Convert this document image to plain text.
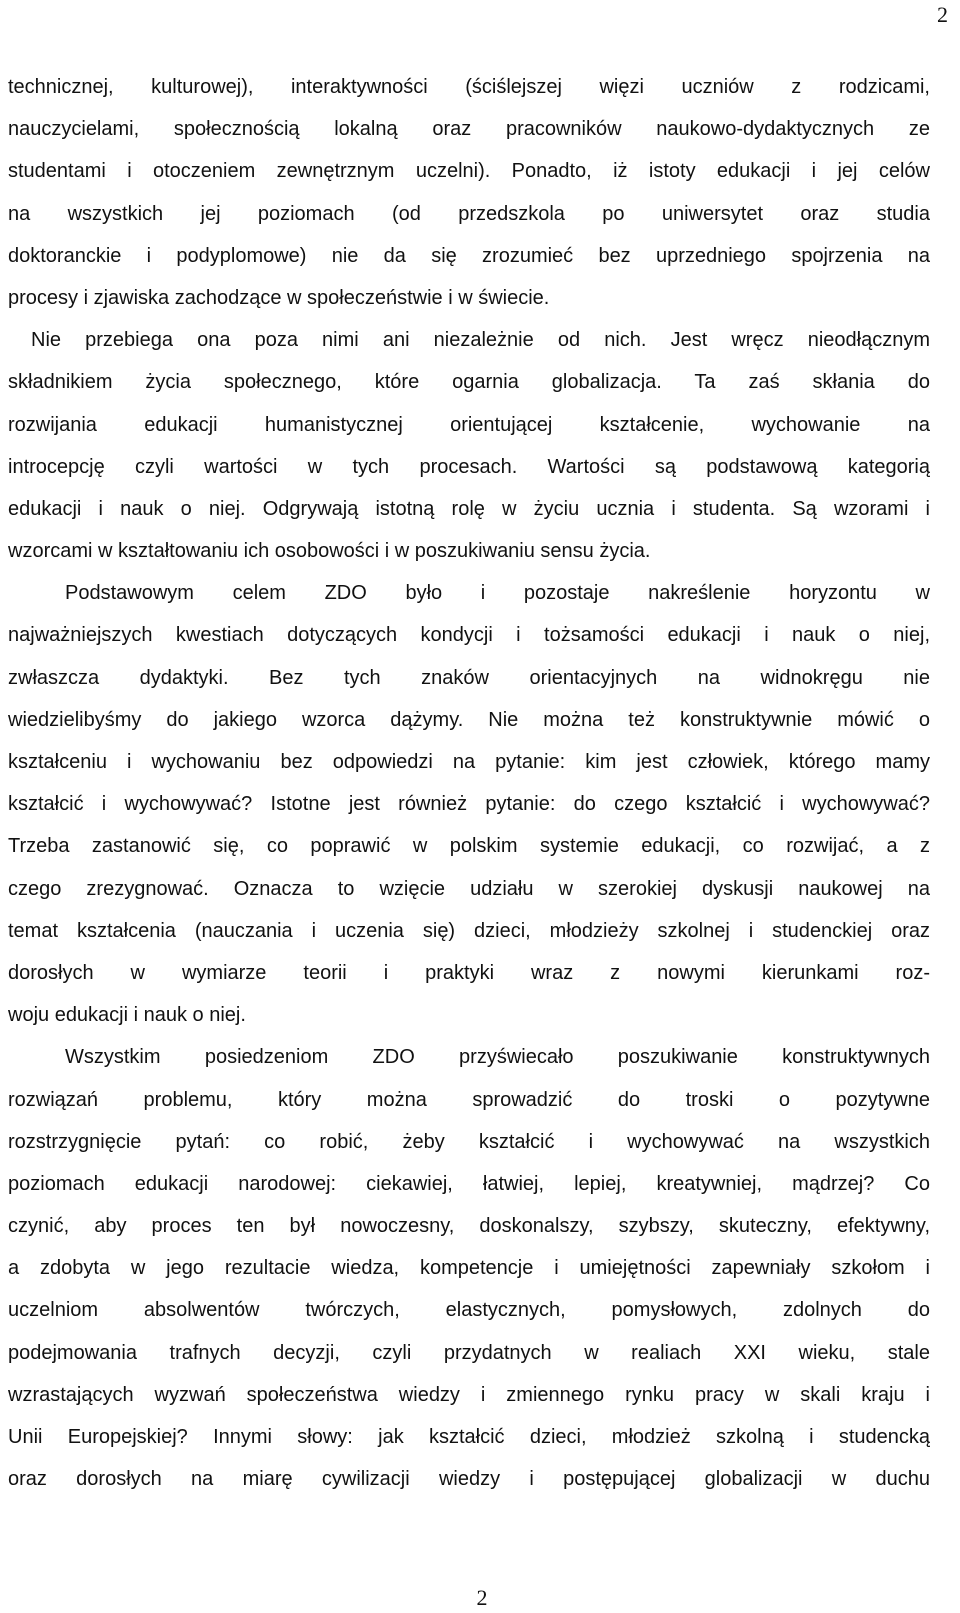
2
technicznej, kulturowej), interaktywności (ściślejszej więzi uczniów z rodzicami,
nauczycielami, społecznością lokalną oraz pracowników naukowo-dydaktycznych ze
studentami i otoczeniem zewnętrznym uczelni). Ponadto, iż istoty edukacji i jej celów
na wszystkich jej poziomach (od przedszkola po uniwersytet oraz studia
doktoranckie i podyplomowe) nie da się zrozumieć bez uprzedniego spojrzenia na
procesy i zjawiska zachodzące w społeczeństwie i w świecie.
Nie przebiega ona poza nimi ani niezależnie od nich. Jest wręcz nieodłącznym
składnikiem życia społecznego, które ogarnia globalizacja. Ta zaś skłania do
rozwijania edukacji humanistycznej orientującej kształcenie, wychowanie na
introcepcję czyli wartości w tych procesach. Wartości są podstawową kategorią
edukacji i nauk o niej. Odgrywają istotną rolę w życiu ucznia i studenta. Są wzorami i
wzorcami w kształtowaniu ich osobowości i w poszukiwaniu sensu życia.
Podstawowym celem ZDO było i pozostaje nakreślenie horyzontu w
najważniejszych kwestiach dotyczących kondycji i tożsamości edukacji i nauk o niej,
zwłaszcza dydaktyki. Bez tych znaków orientacyjnych na widnokręgu nie
wiedzielibyśmy do jakiego wzorca dążymy. Nie można też konstruktywnie mówić o
kształceniu i wychowaniu bez odpowiedzi na pytanie: kim jest człowiek, którego mamy
kształcić i wychowywać? Istotne jest również pytanie: do czego kształcić i wychowywać?
Trzeba zastanowić się, co poprawić w polskim systemie edukacji, co rozwijać, a z
czego zrezygnować. Oznacza to wzięcie udziału w szerokiej dyskusji naukowej na
temat kształcenia (nauczania i uczenia się) dzieci, młodzieży szkolnej i studenckiej oraz
dorosłych w wymiarze teorii i praktyki wraz z nowymi kierunkami roz-
woju edukacji i nauk o niej.
Wszystkim posiedzeniom ZDO przyświecało poszukiwanie konstruktywnych
rozwiązań problemu, który można sprowadzić do troski o pozytywne
rozstrzygnięcie pytań: co robić, żeby kształcić i wychowywać na wszystkich
poziomach edukacji narodowej: ciekawiej, łatwiej, lepiej, kreatywniej, mądrzej? Co
czynić, aby proces ten był nowoczesny, doskonalszy, szybszy, skuteczny, efektywny,
a zdobyta w jego rezultacie wiedza, kompetencje i umiejętności zapewniały szkołom i
uczelniom absolwentów twórczych, elastycznych, pomysłowych, zdolnych do
podejmowania trafnych decyzji, czyli przydatnych w realiach XXI wieku, stale
wzrastających wyzwań społeczeństwa wiedzy i zmiennego rynku pracy w skali kraju i
Unii Europejskiej? Innymi słowy: jak kształcić dzieci, młodzież szkolną i studencką
oraz dorosłych na miarę cywilizacji wiedzy i postępującej globalizacji w duchu
2
